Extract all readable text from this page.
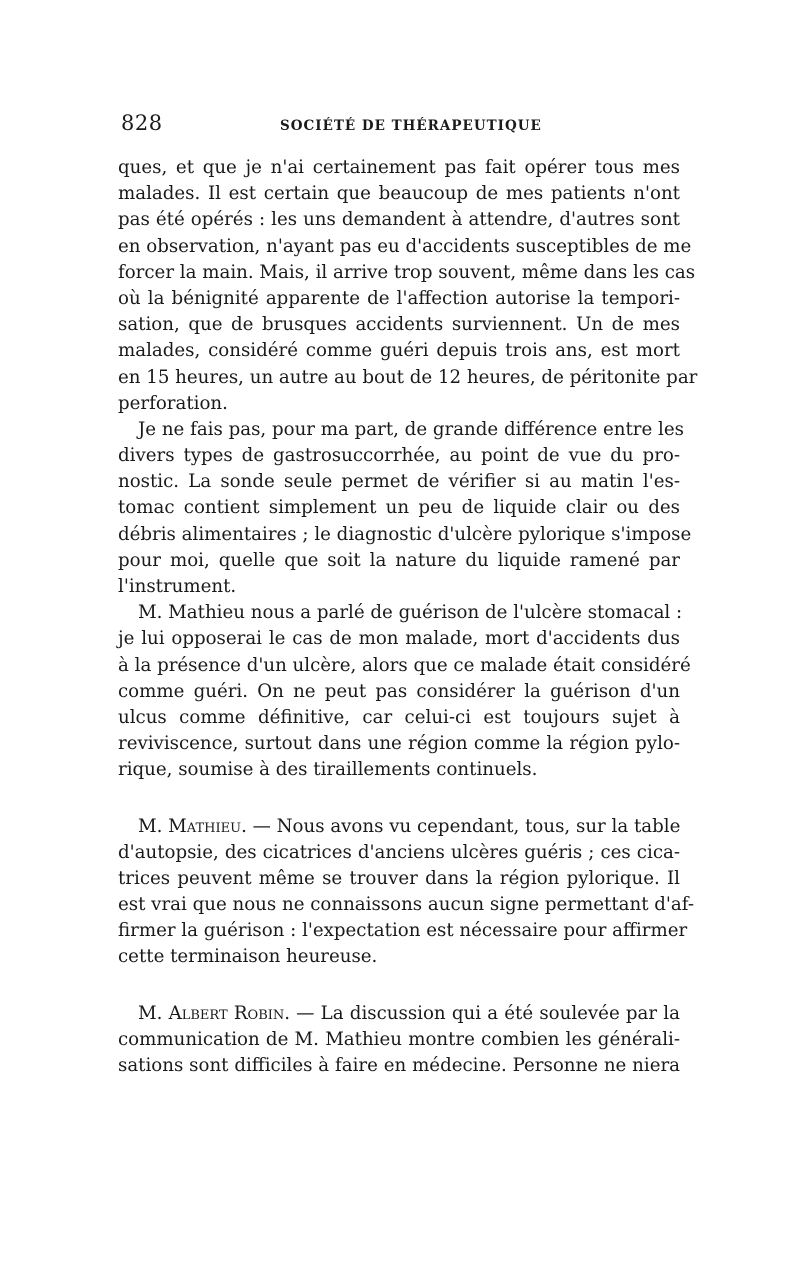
828	SOCIÉTÉ DE THÉRAPEUTIQUE
ques, et que je n'ai certainement pas fait opérer tous mes
malades. Il est certain que beaucoup de mes patients n'ont
pas été opérés : les uns demandent à attendre, d'autres sont
en observation, n'ayant pas eu d'accidents susceptibles de me
forcer la main. Mais, il arrive trop souvent, même dans les cas
où la bénignité apparente de l'affection autorise la tempori-
sation, que de brusques accidents surviennent. Un de mes
malades, considéré comme guéri depuis trois ans, est mort
en 15 heures, un autre au bout de 12 heures, de péritonite par
perforation.
Je ne fais pas, pour ma part, de grande différence entre les
divers types de gastrosuccorrhée, au point de vue du pro-
nostic. La sonde seule permet de vérifier si au matin l'es-
tomac contient simplement un peu de liquide clair ou des
débris alimentaires ; le diagnostic d'ulcère pylorique s'impose
pour moi, quelle que soit la nature du liquide ramené par
l'instrument.
M. Mathieu nous a parlé de guérison de l'ulcère stomacal :
je lui opposerai le cas de mon malade, mort d'accidents dus
à la présence d'un ulcère, alors que ce malade était considéré
comme guéri. On ne peut pas considérer la guérison d'un
ulcus comme définitive, car celui-ci est toujours sujet à
reviviscence, surtout dans une région comme la région pylo-
rique, soumise à des tiraillements continuels.
M. Mathieu. — Nous avons vu cependant, tous, sur la table
d'autopsie, des cicatrices d'anciens ulcères guéris ; ces cica-
trices peuvent même se trouver dans la région pylorique. Il
est vrai que nous ne connaissons aucun signe permettant d'af-
firmer la guérison : l'expectation est nécessaire pour affirmer
cette terminaison heureuse.
M. Albert Robin. — La discussion qui a été soulevée par la
communication de M. Mathieu montre combien les générali-
sations sont difficiles à faire en médecine. Personne ne niera
